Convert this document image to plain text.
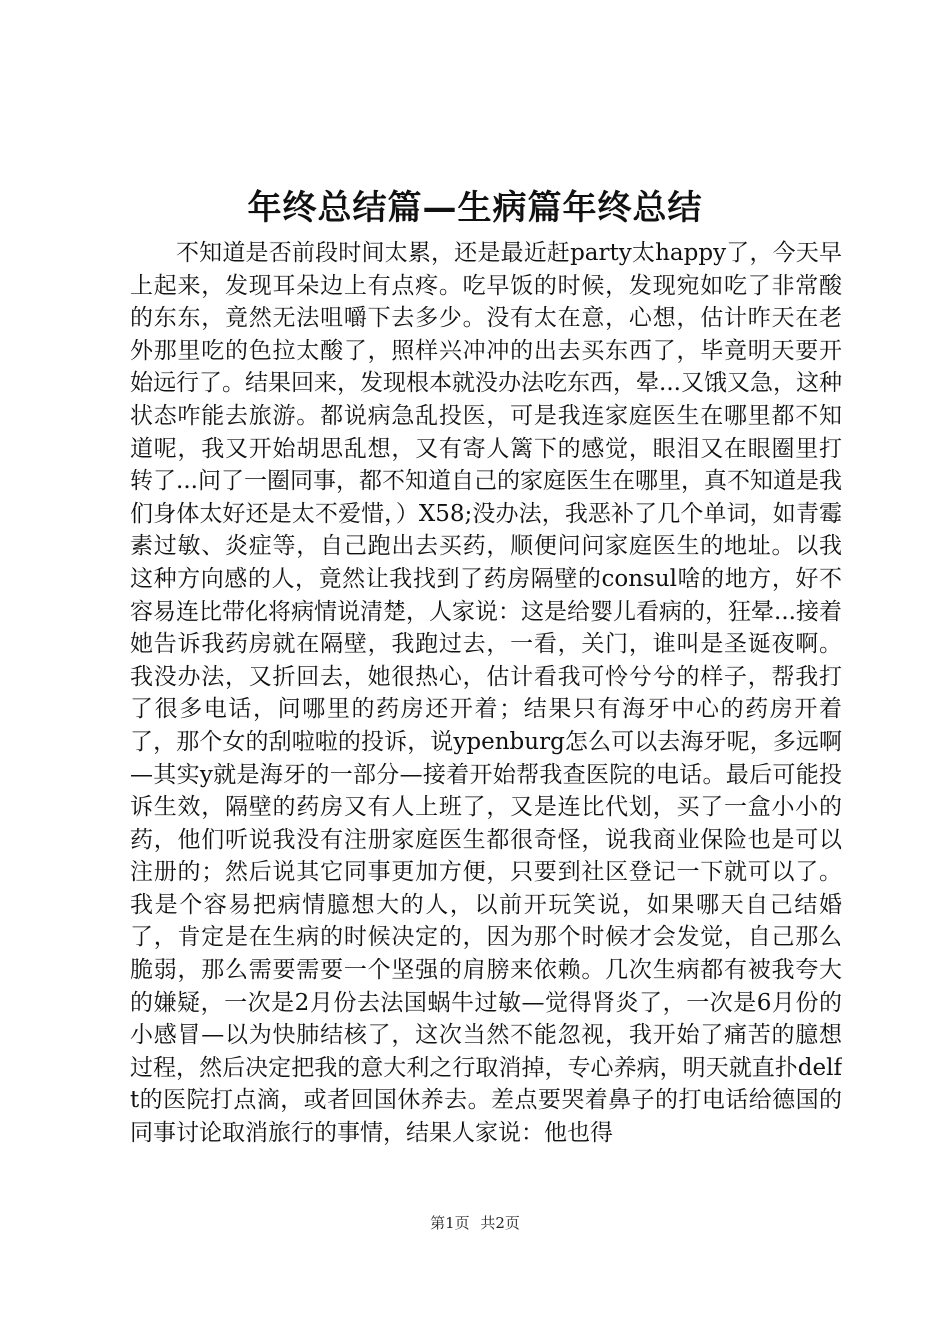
年终总结篇—生病篇年终总结

不知道是否前段时间太累，还是最近赶party太happy了，今天早上起来，发现耳朵边上有点疼。吃早饭的时候，发现宛如吃了非常酸的东东，竟然无法咀嚼下去多少。没有太在意，心想，估计昨天在老外那里吃的色拉太酸了，照样兴冲冲的出去买东西了，毕竟明天要开始远行了。结果回来，发现根本就没办法吃东西，晕...又饿又急，这种状态咋能去旅游。都说病急乱投医，可是我连家庭医生在哪里都不知道呢，我又开始胡思乱想，又有寄人篱下的感觉，眼泪又在眼圈里打转了...问了一圈同事，都不知道自己的家庭医生在哪里，真不知道是我们身体太好还是太不爱惜，）X58;没办法，我恶补了几个单词，如青霉素过敏、炎症等，自己跑出去买药，顺便问问家庭医生的地址。以我这种方向感的人，竟然让我找到了药房隔壁的consul啥的地方，好不容易连比带化将病情说清楚，人家说：这是给婴儿看病的，狂晕...接着她告诉我药房就在隔壁，我跑过去，一看，关门，谁叫是圣诞夜啊。我没办法，又折回去，她很热心，估计看我可怜兮兮的样子，帮我打了很多电话，问哪里的药房还开着；结果只有海牙中心的药房开着了，那个女的刮啦啦的投诉，说ypenburg怎么可以去海牙呢，多远啊—其实y就是海牙的一部分—接着开始帮我查医院的电话。最后可能投诉生效，隔壁的药房又有人上班了，又是连比代划，买了一盒小小的药，他们听说我没有注册家庭医生都很奇怪，说我商业保险也是可以注册的；然后说其它同事更加方便，只要到社区登记一下就可以了。我是个容易把病情臆想大的人，以前开玩笑说，如果哪天自己结婚了，肯定是在生病的时候决定的，因为那个时候才会发觉，自己那么脆弱，那么需要需要一个坚强的肩膀来依赖。几次生病都有被我夸大的嫌疑，一次是2月份去法国蜗牛过敏—觉得肾炎了，一次是6月份的小感冒—以为快肺结核了，这次当然不能忽视，我开始了痛苦的臆想过程，然后决定把我的意大利之行取消掉，专心养病，明天就直扑delft的医院打点滴，或者回国休养去。差点要哭着鼻子的打电话给德国的同事讨论取消旅行的事情，结果人家说：他也得

第1页 共2页
